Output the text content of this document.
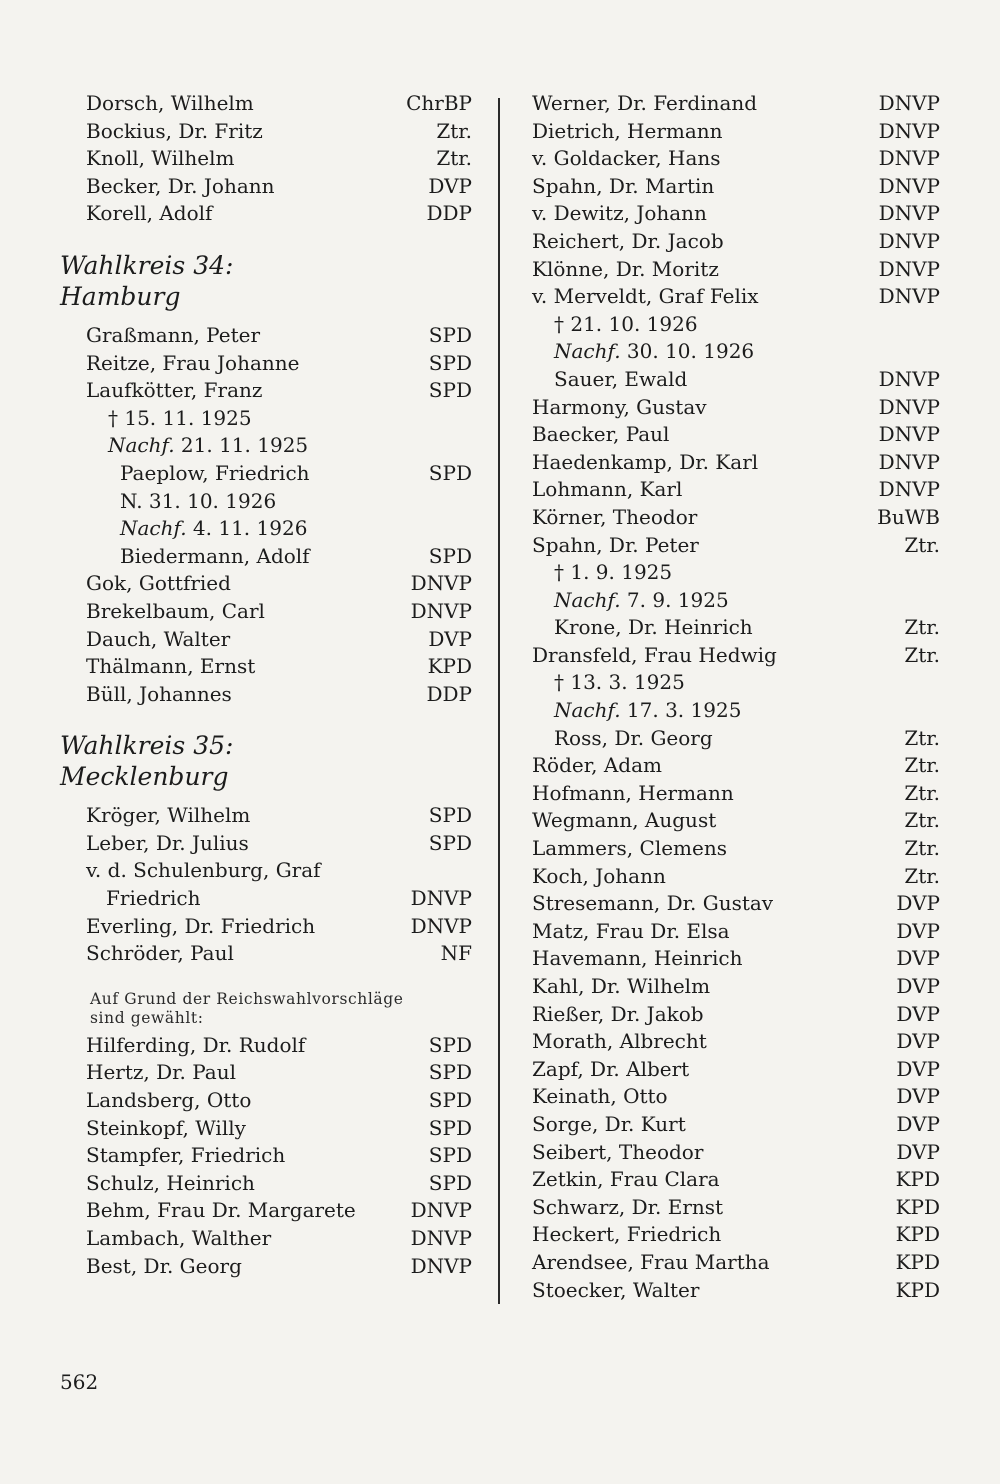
Dorsch, Wilhelm	ChrBP
Bockius, Dr. Fritz	Ztr.
Knoll, Wilhelm	Ztr.
Becker, Dr. Johann	DVP
Korell, Adolf	DDP
Wahlkreis 34:
Hamburg
Graßmann, Peter	SPD
Reitze, Frau Johanne	SPD
Laufkötter, Franz	SPD
† 15. 11. 1925
Nachf. 21. 11. 1925
Paeplow, Friedrich	SPD
N. 31. 10. 1926
Nachf. 4. 11. 1926
Biedermann, Adolf	SPD
Gok, Gottfried	DNVP
Brekelbaum, Carl	DNVP
Dauch, Walter	DVP
Thälmann, Ernst	KPD
Büll, Johannes	DDP
Wahlkreis 35:
Mecklenburg
Kröger, Wilhelm	SPD
Leber, Dr. Julius	SPD
v. d. Schulenburg, Graf
Friedrich	DNVP
Everling, Dr. Friedrich	DNVP
Schröder, Paul	NF
Auf Grund der Reichswahlvorschläge
sind gewählt:
Hilferding, Dr. Rudolf	SPD
Hertz, Dr. Paul	SPD
Landsberg, Otto	SPD
Steinkopf, Willy	SPD
Stampfer, Friedrich	SPD
Schulz, Heinrich	SPD
Behm, Frau Dr. Margarete	DNVP
Lambach, Walther	DNVP
Best, Dr. Georg	DNVP
Werner, Dr. Ferdinand	DNVP
Dietrich, Hermann	DNVP
v. Goldacker, Hans	DNVP
Spahn, Dr. Martin	DNVP
v. Dewitz, Johann	DNVP
Reichert, Dr. Jacob	DNVP
Klönne, Dr. Moritz	DNVP
v. Merveldt, Graf Felix	DNVP
† 21. 10. 1926
Nachf. 30. 10. 1926
Sauer, Ewald	DNVP
Harmony, Gustav	DNVP
Baecker, Paul	DNVP
Haedenkamp, Dr. Karl	DNVP
Lohmann, Karl	DNVP
Körner, Theodor	BuWB
Spahn, Dr. Peter	Ztr.
† 1. 9. 1925
Nachf. 7. 9. 1925
Krone, Dr. Heinrich	Ztr.
Dransfeld, Frau Hedwig	Ztr.
† 13. 3. 1925
Nachf. 17. 3. 1925
Ross, Dr. Georg	Ztr.
Röder, Adam	Ztr.
Hofmann, Hermann	Ztr.
Wegmann, August	Ztr.
Lammers, Clemens	Ztr.
Koch, Johann	Ztr.
Stresemann, Dr. Gustav	DVP
Matz, Frau Dr. Elsa	DVP
Havemann, Heinrich	DVP
Kahl, Dr. Wilhelm	DVP
Rießer, Dr. Jakob	DVP
Morath, Albrecht	DVP
Zapf, Dr. Albert	DVP
Keinath, Otto	DVP
Sorge, Dr. Kurt	DVP
Seibert, Theodor	DVP
Zetkin, Frau Clara	KPD
Schwarz, Dr. Ernst	KPD
Heckert, Friedrich	KPD
Arendsee, Frau Martha	KPD
Stoecker, Walter	KPD
562
